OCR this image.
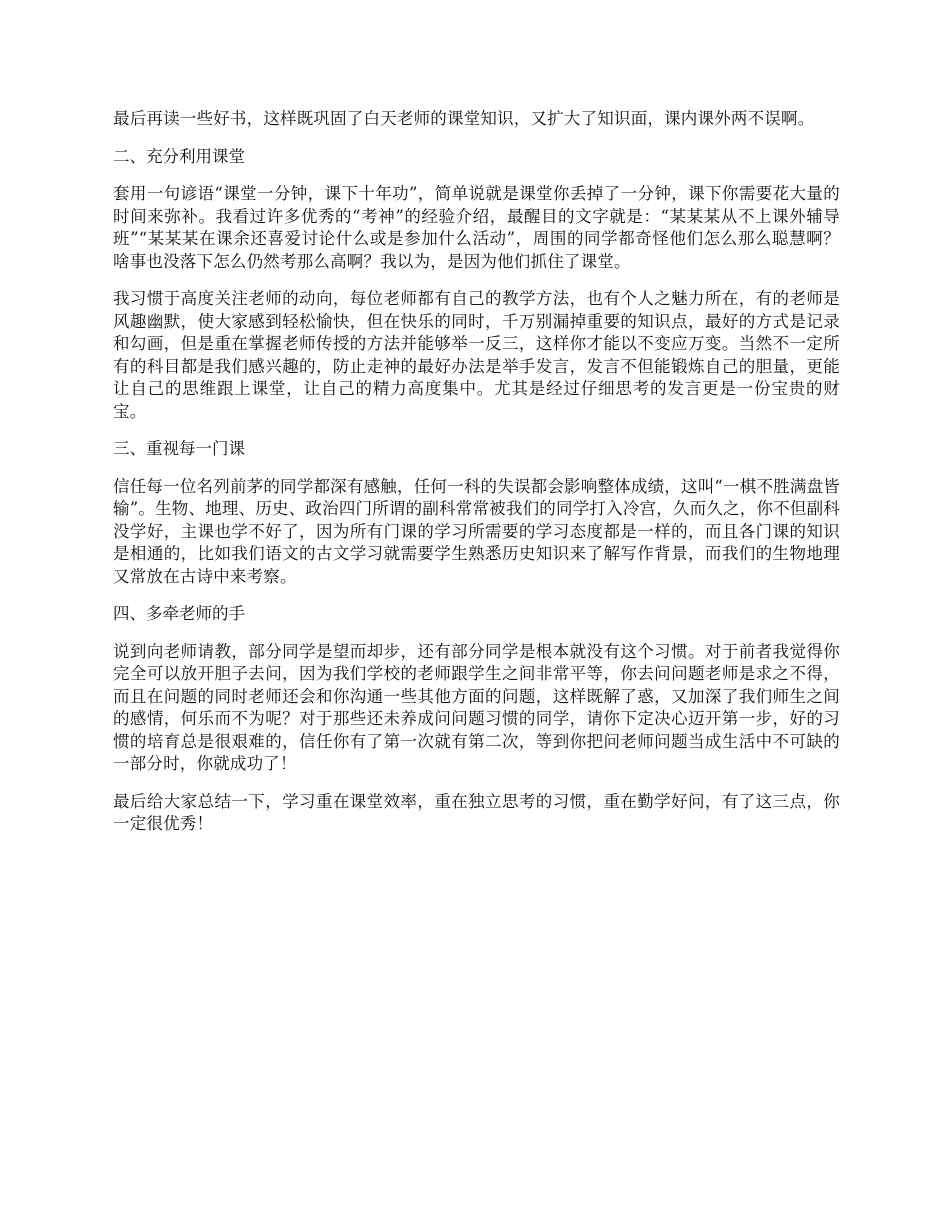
最后再读一些好书，这样既巩固了白天老师的课堂知识，又扩大了知识面，课内课外两不误啊。

二、充分利用课堂

套用一句谚语“课堂一分钟，课下十年功”，简单说就是课堂你丢掉了一分钟，课下你需要花大量的时间来弥补。我看过许多优秀的“考神”的经验介绍，最醒目的文字就是：“某某某从不上课外辅导班”“某某某在课余还喜爱讨论什么或是参加什么活动”，周围的同学都奇怪他们怎么那么聪慧啊？啥事也没落下怎么仍然考那么高啊？我以为，是因为他们抓住了课堂。

我习惯于高度关注老师的动向，每位老师都有自己的教学方法，也有个人之魅力所在，有的老师是风趣幽默，使大家感到轻松愉快，但在快乐的同时，千万别漏掉重要的知识点，最好的方式是记录和勾画，但是重在掌握老师传授的方法并能够举一反三，这样你才能以不变应万变。当然不一定所有的科目都是我们感兴趣的，防止走神的最好办法是举手发言，发言不但能锻炼自己的胆量，更能让自己的思维跟上课堂，让自己的精力高度集中。尤其是经过仔细思考的发言更是一份宝贵的财宝。

三、重视每一门课

信任每一位名列前茅的同学都深有感触，任何一科的失误都会影响整体成绩，这叫“一棋不胜满盘皆输”。生物、地理、历史、政治四门所谓的副科常常被我们的同学打入冷宫，久而久之，你不但副科没学好，主课也学不好了，因为所有门课的学习所需要的学习态度都是一样的，而且各门课的知识是相通的，比如我们语文的古文学习就需要学生熟悉历史知识来了解写作背景，而我们的生物地理又常放在古诗中来考察。

四、多牵老师的手

说到向老师请教，部分同学是望而却步，还有部分同学是根本就没有这个习惯。对于前者我觉得你完全可以放开胆子去问，因为我们学校的老师跟学生之间非常平等，你去问问题老师是求之不得，而且在问题的同时老师还会和你沟通一些其他方面的问题，这样既解了惑，又加深了我们师生之间的感情，何乐而不为呢？对于那些还未养成问问题习惯的同学，请你下定决心迈开第一步，好的习惯的培育总是很艰难的，信任你有了第一次就有第二次，等到你把问老师问题当成生活中不可缺的一部分时，你就成功了！

最后给大家总结一下，学习重在课堂效率，重在独立思考的习惯，重在勤学好问，有了这三点，你一定很优秀！
